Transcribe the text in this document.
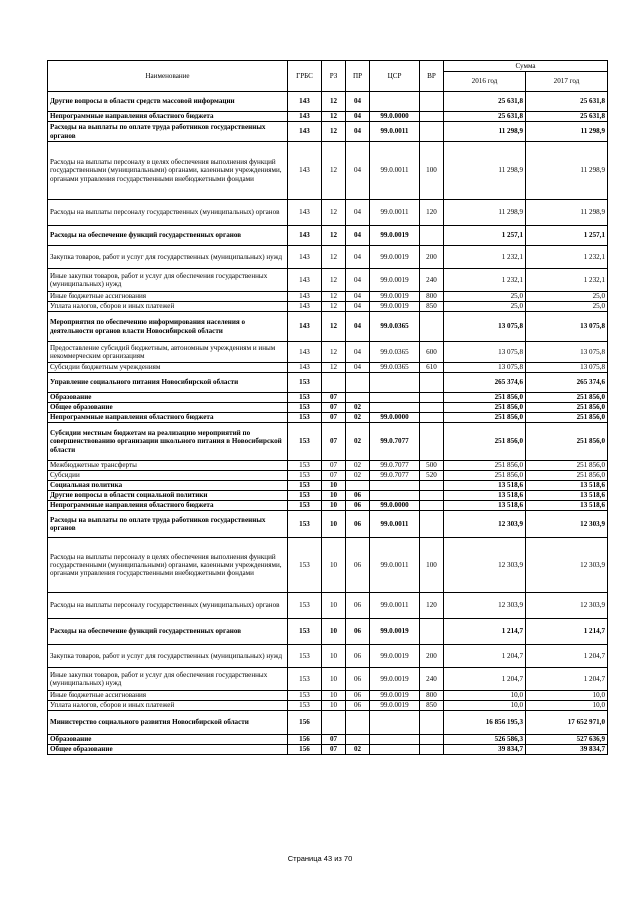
Наименование	ГРБС	РЗ	ПР	ЦСР	ВР	Сумма	
						2016 год	2017 год
Другие вопросы в области средств массовой информации	143	12	04			25 631,8	25 631,8
Непрограммные направления областного бюджета	143	12	04	99.0.0000		25 631,8	25 631,8
Расходы на выплаты по оплате труда работников государственных органов	143	12	04	99.0.0011		11 298,9	11 298,9
Расходы на выплаты персоналу в целях обеспечения выполнения функций государственными (муниципальными) органами, казенными учреждениями, органами управления государственными внебюджетными фондами	143	12	04	99.0.0011	100	11 298,9	11 298,9
Расходы на выплаты персоналу государственных (муниципальных) органов	143	12	04	99.0.0011	120	11 298,9	11 298,9
Расходы на обеспечение функций государственных органов	143	12	04	99.0.0019		1 257,1	1 257,1
Закупка товаров, работ и услуг для государственных (муниципальных) нужд	143	12	04	99.0.0019	200	1 232,1	1 232,1
Иные закупки товаров, работ и услуг для обеспечения государственных (муниципальных) нужд	143	12	04	99.0.0019	240	1 232,1	1 232,1
Иные бюджетные ассигнования	143	12	04	99.0.0019	800	25,0	25,0
Уплата налогов, сборов и иных платежей	143	12	04	99.0.0019	850	25,0	25,0
Мероприятия по обеспечению информирования населения о деятельности органов власти Новосибирской области	143	12	04	99.0.0365		13 075,8	13 075,8
Предоставление субсидий бюджетным, автономным учреждениям и иным некоммерческим организациям	143	12	04	99.0.0365	600	13 075,8	13 075,8
Субсидии бюджетным учреждениям	143	12	04	99.0.0365	610	13 075,8	13 075,8
Управление социального питания Новосибирской области	153					265 374,6	265 374,6
Образование	153	07				251 856,0	251 856,0
Общее образование	153	07	02			251 856,0	251 856,0
Непрограммные направления областного бюджета	153	07	02	99.0.0000		251 856,0	251 856,0
Субсидии местным бюджетам на реализацию мероприятий по совершенствованию организации школьного питания в Новосибирской области	153	07	02	99.0.7077		251 856,0	251 856,0
Межбюджетные трансферты	153	07	02	99.0.7077	500	251 856,0	251 856,0
Субсидии	153	07	02	99.0.7077	520	251 856,0	251 856,0
Социальная политика	153	10				13 518,6	13 518,6
Другие вопросы в области социальной политики	153	10	06			13 518,6	13 518,6
Непрограммные направления областного бюджета	153	10	06	99.0.0000		13 518,6	13 518,6
Расходы на выплаты по оплате труда работников государственных органов	153	10	06	99.0.0011		12 303,9	12 303,9
Расходы на выплаты персоналу в целях обеспечения выполнения функций государственными (муниципальными) органами, казенными учреждениями, органами управления государственными внебюджетными фондами	153	10	06	99.0.0011	100	12 303,9	12 303,9
Расходы на выплаты персоналу государственных (муниципальных) органов	153	10	06	99.0.0011	120	12 303,9	12 303,9
Расходы на обеспечение функций государственных органов	153	10	06	99.0.0019		1 214,7	1 214,7
Закупка товаров, работ и услуг для государственных (муниципальных) нужд	153	10	06	99.0.0019	200	1 204,7	1 204,7
Иные закупки товаров, работ и услуг для обеспечения государственных (муниципальных) нужд	153	10	06	99.0.0019	240	1 204,7	1 204,7
Иные бюджетные ассигнования	153	10	06	99.0.0019	800	10,0	10,0
Уплата налогов, сборов и иных платежей	153	10	06	99.0.0019	850	10,0	10,0
Министерство социального развития Новосибирской области	156					16 856 195,3	17 652 971,0
Образование	156	07				526 586,3	527 636,9
Общее образование	156	07	02			39 834,7	39 834,7
Страница 43 из 70
